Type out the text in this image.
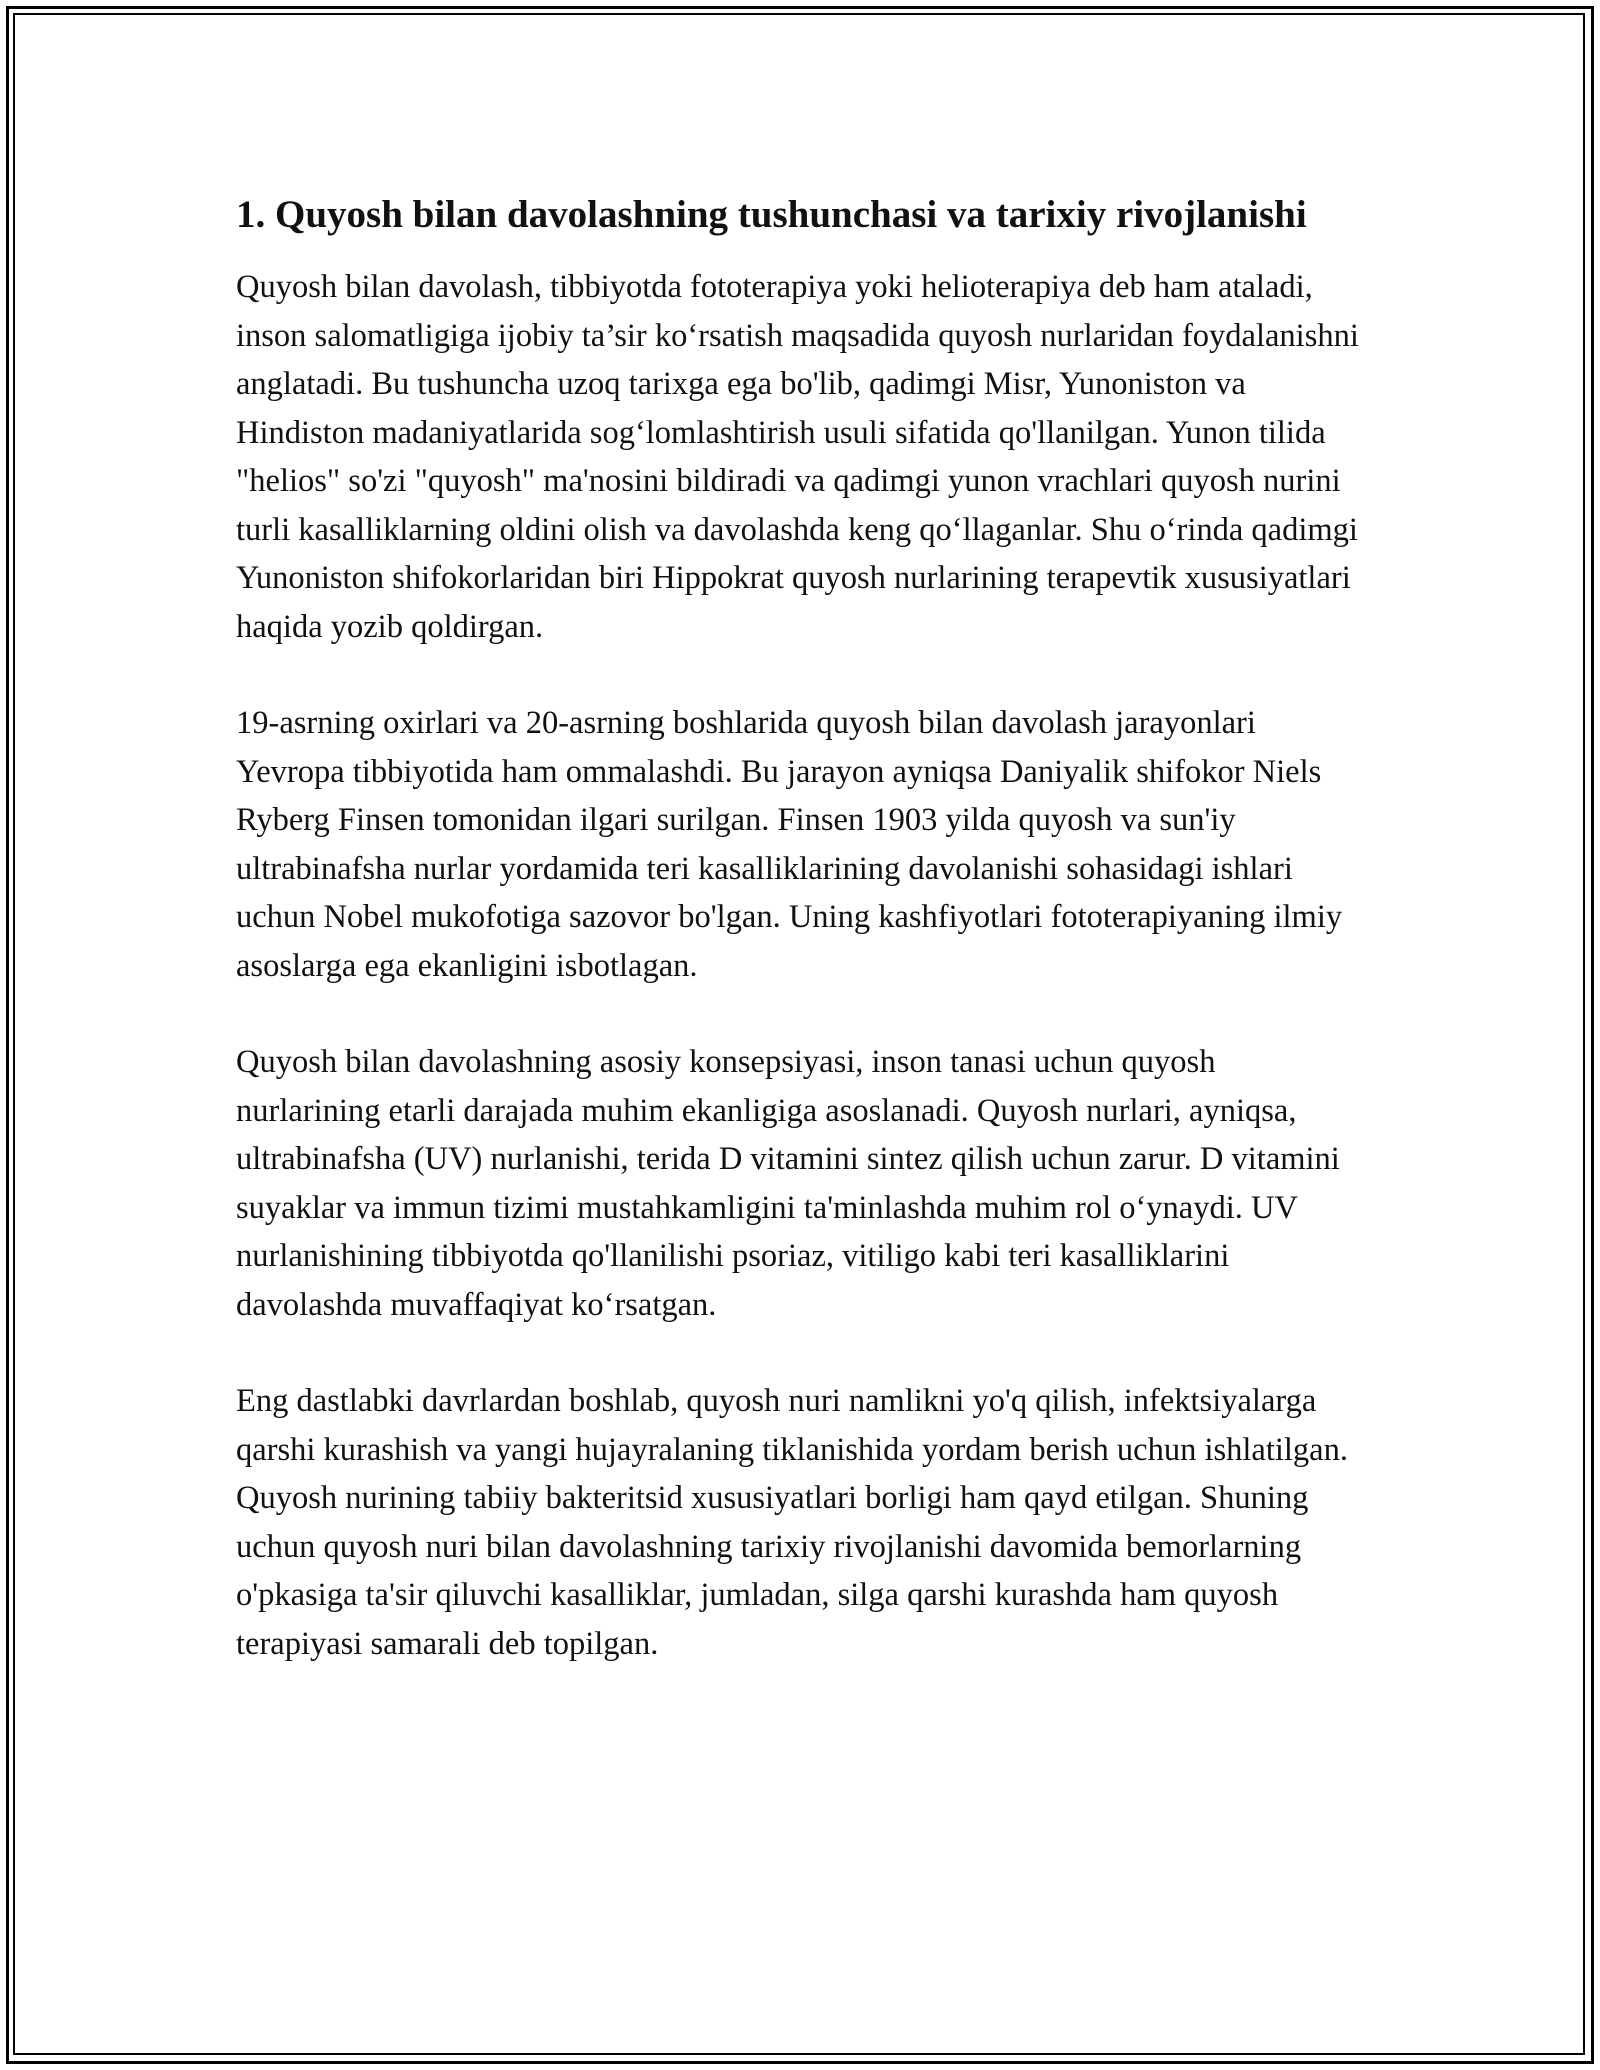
1. Quyosh bilan davolashning tushunchasi va tarixiy rivojlanishi

Quyosh bilan davolash, tibbiyotda fototerapiya yoki helioterapiya deb ham ataladi, inson salomatligiga ijobiy ta’sir koʻrsatish maqsadida quyosh nurlaridan foydalanishni anglatadi. Bu tushuncha uzoq tarixga ega bo'lib, qadimgi Misr, Yunoniston va Hindiston madaniyatlarida sogʻlomlashtirish usuli sifatida qo'llanilgan. Yunon tilida "helios" so'zi "quyosh" ma'nosini bildiradi va qadimgi yunon vrachlari quyosh nurini turli kasalliklarning oldini olish va davolashda keng qoʻllaganlar. Shu oʻrinda qadimgi Yunoniston shifokorlaridan biri Hippokrat quyosh nurlarining terapevtik xususiyatlari haqida yozib qoldirgan.

19-asrning oxirlari va 20-asrning boshlarida quyosh bilan davolash jarayonlari Yevropa tibbiyotida ham ommalashdi. Bu jarayon ayniqsa Daniyalik shifokor Niels Ryberg Finsen tomonidan ilgari surilgan. Finsen 1903 yilda quyosh va sun'iy ultrabinafsha nurlar yordamida teri kasalliklarining davolanishi sohasidagi ishlari uchun Nobel mukofotiga sazovor bo'lgan. Uning kashfiyotlari fototerapiyaning ilmiy asoslarga ega ekanligini isbotlagan.

Quyosh bilan davolashning asosiy konsepsiyasi, inson tanasi uchun quyosh nurlarining etarli darajada muhim ekanligiga asoslanadi. Quyosh nurlari, ayniqsa, ultrabinafsha (UV) nurlanishi, terida D vitamini sintez qilish uchun zarur. D vitamini suyaklar va immun tizimi mustahkamligini ta'minlashda muhim rol oʻynaydi. UV nurlanishining tibbiyotda qo'llanilishi psoriaz, vitiligo kabi teri kasalliklarini davolashda muvaffaqiyat koʻrsatgan.

Eng dastlabki davrlardan boshlab, quyosh nuri namlikni yo'q qilish, infektsiyalarga qarshi kurashish va yangi hujayralaning tiklanishida yordam berish uchun ishlatilgan. Quyosh nurining tabiiy bakteritsid xususiyatlari borligi ham qayd etilgan. Shuning uchun quyosh nuri bilan davolashning tarixiy rivojlanishi davomida bemorlarning o'pkasiga ta'sir qiluvchi kasalliklar, jumladan, silga qarshi kurashda ham quyosh terapiyasi samarali deb topilgan.
